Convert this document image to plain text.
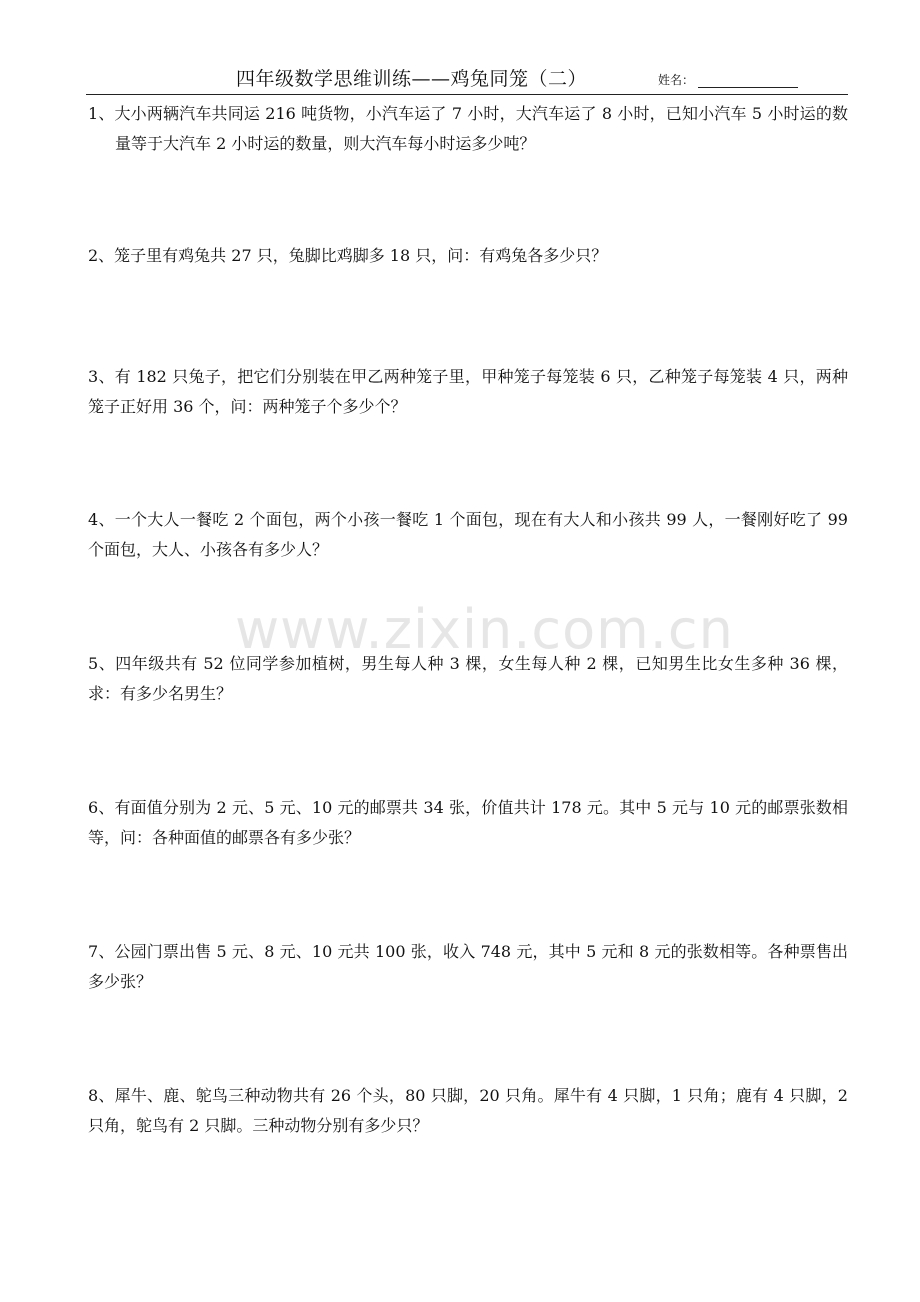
四年级数学思维训练——鸡兔同笼（二）	姓名：

1、大小两辆汽车共同运 216 吨货物，小汽车运了 7 小时，大汽车运了 8 小时，已知小汽车 5 小时运的数量等于大汽车 2 小时运的数量，则大汽车每小时运多少吨？

2、笼子里有鸡兔共 27 只，兔脚比鸡脚多 18 只，问：有鸡兔各多少只？

3、有 182 只兔子，把它们分别装在甲乙两种笼子里，甲种笼子每笼装 6 只，乙种笼子每笼装 4 只，两种笼子正好用 36 个，问：两种笼子个多少个？

4、一个大人一餐吃 2 个面包，两个小孩一餐吃 1 个面包，现在有大人和小孩共 99 人，一餐刚好吃了 99 个面包，大人、小孩各有多少人？

www.zixin.com.cn

5、四年级共有 52 位同学参加植树，男生每人种 3 棵，女生每人种 2 棵，已知男生比女生多种 36 棵，求：有多少名男生？

6、有面值分别为 2 元、5 元、10 元的邮票共 34 张，价值共计 178 元。其中 5 元与 10 元的邮票张数相等，问：各种面值的邮票各有多少张？

7、公园门票出售 5 元、8 元、10 元共 100 张，收入 748 元，其中 5 元和 8 元的张数相等。各种票售出多少张？

8、犀牛、鹿、鸵鸟三种动物共有 26 个头，80 只脚，20 只角。犀牛有 4 只脚，1 只角；鹿有 4 只脚，2 只角，鸵鸟有 2 只脚。三种动物分别有多少只？
